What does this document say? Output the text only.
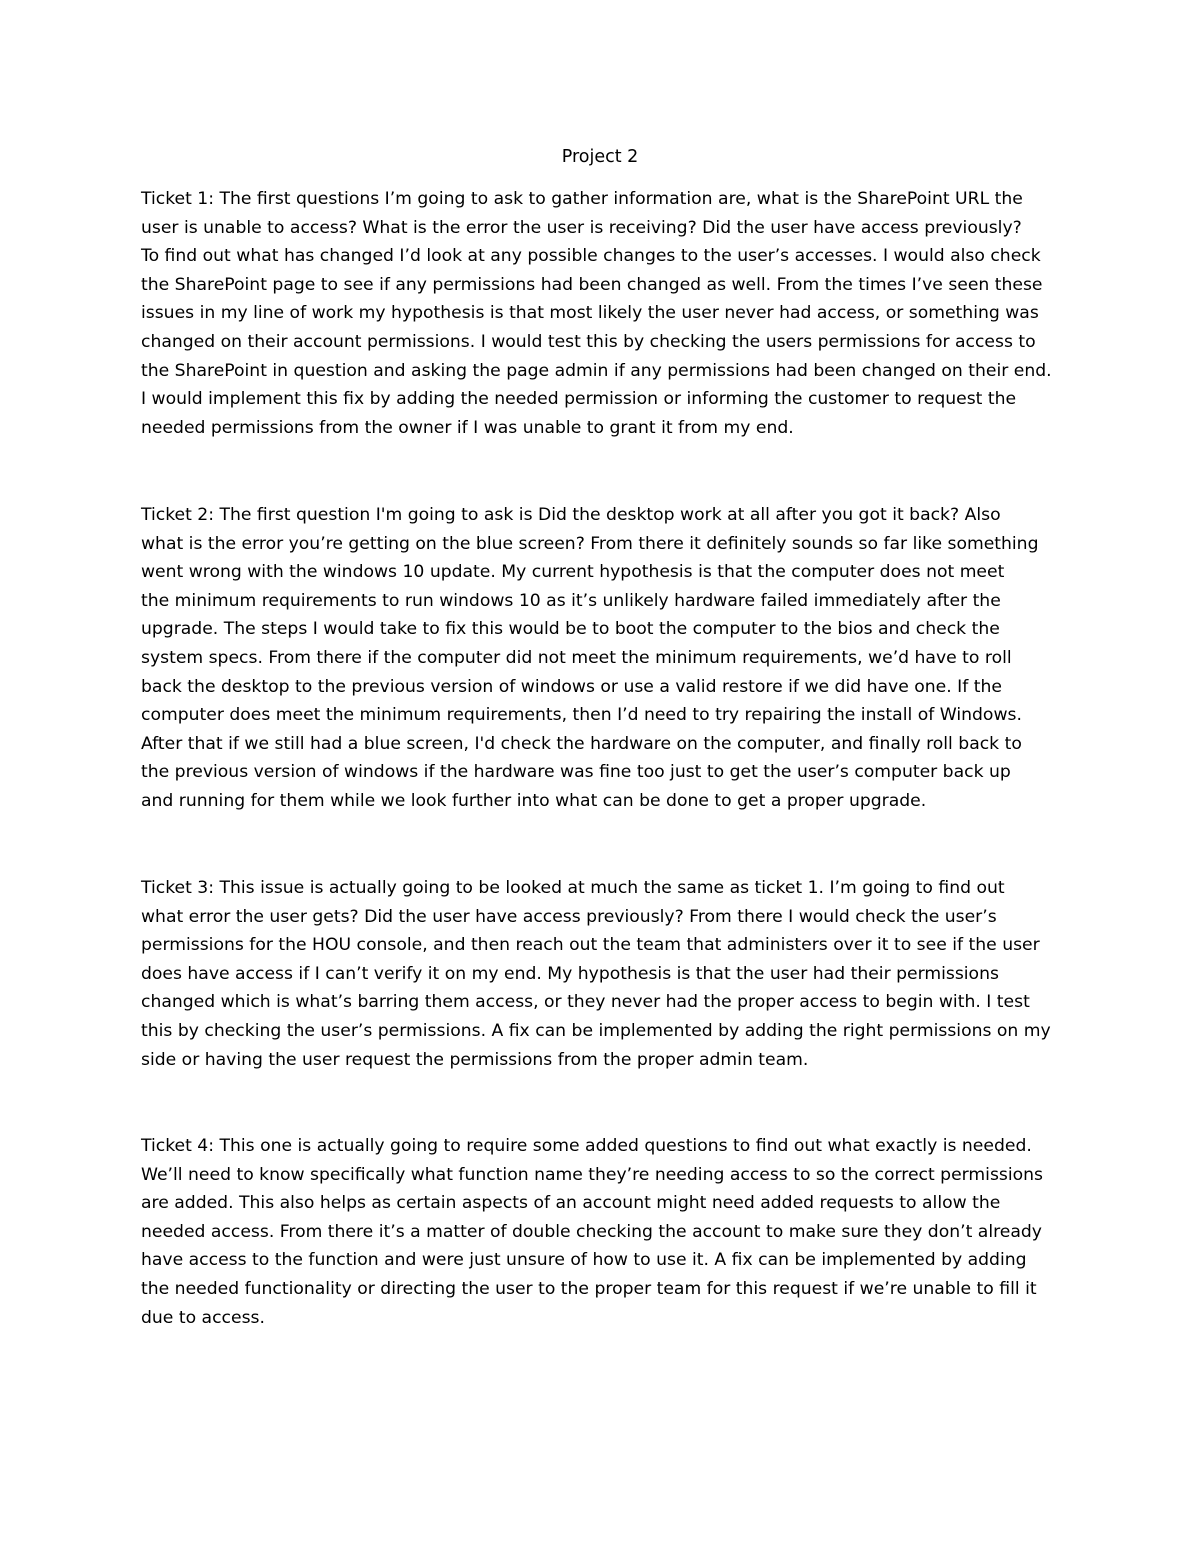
Project 2

Ticket 1: The first questions I’m going to ask to gather information are, what is the SharePoint URL the
user is unable to access? What is the error the user is receiving? Did the user have access previously?
To find out what has changed I’d look at any possible changes to the user’s accesses. I would also check
the SharePoint page to see if any permissions had been changed as well. From the times I’ve seen these
issues in my line of work my hypothesis is that most likely the user never had access, or something was
changed on their account permissions. I would test this by checking the users permissions for access to
the SharePoint in question and asking the page admin if any permissions had been changed on their end.
I would implement this fix by adding the needed permission or informing the customer to request the
needed permissions from the owner if I was unable to grant it from my end.

Ticket 2: The first question I'm going to ask is Did the desktop work at all after you got it back? Also
what is the error you’re getting on the blue screen? From there it definitely sounds so far like something
went wrong with the windows 10 update. My current hypothesis is that the computer does not meet
the minimum requirements to run windows 10 as it’s unlikely hardware failed immediately after the
upgrade. The steps I would take to fix this would be to boot the computer to the bios and check the
system specs. From there if the computer did not meet the minimum requirements, we’d have to roll
back the desktop to the previous version of windows or use a valid restore if we did have one. If the
computer does meet the minimum requirements, then I’d need to try repairing the install of Windows.
After that if we still had a blue screen, I'd check the hardware on the computer, and finally roll back to
the previous version of windows if the hardware was fine too just to get the user’s computer back up
and running for them while we look further into what can be done to get a proper upgrade.

Ticket 3: This issue is actually going to be looked at much the same as ticket 1. I’m going to find out
what error the user gets? Did the user have access previously? From there I would check the user’s
permissions for the HOU console, and then reach out the team that administers over it to see if the user
does have access if I can’t verify it on my end. My hypothesis is that the user had their permissions
changed which is what’s barring them access, or they never had the proper access to begin with. I test
this by checking the user’s permissions. A fix can be implemented by adding the right permissions on my
side or having the user request the permissions from the proper admin team.

Ticket 4: This one is actually going to require some added questions to find out what exactly is needed.
We’ll need to know specifically what function name they’re needing access to so the correct permissions
are added. This also helps as certain aspects of an account might need added requests to allow the
needed access. From there it’s a matter of double checking the account to make sure they don’t already
have access to the function and were just unsure of how to use it. A fix can be implemented by adding
the needed functionality or directing the user to the proper team for this request if we’re unable to fill it
due to access.
